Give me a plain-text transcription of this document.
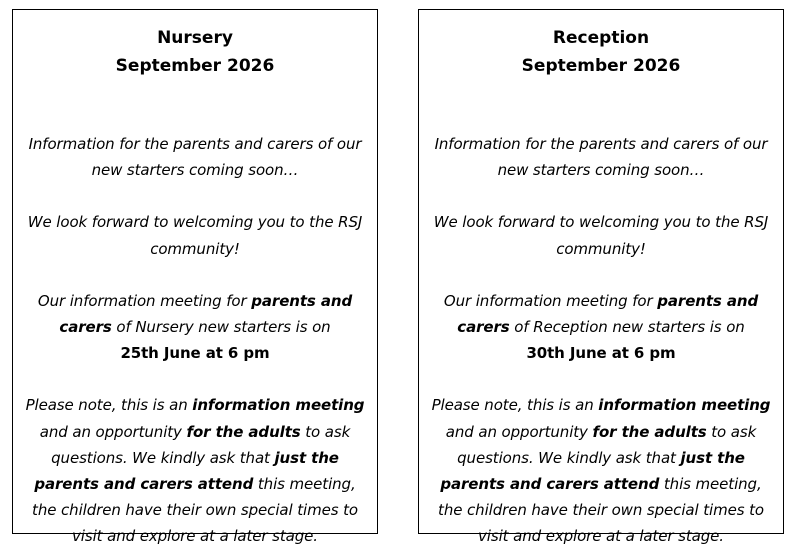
Nursery
September 2026

Information for the parents and carers of our new starters coming soon…

We look forward to welcoming you to the RSJ community!

Our information meeting for parents and carers of Nursery new starters is on
25th June at 6 pm

Please note, this is an information meeting and an opportunity for the adults to ask questions. We kindly ask that just the parents and carers attend this meeting, the children have their own special times to visit and explore at a later stage.

Reception
September 2026

Information for the parents and carers of our new starters coming soon…

We look forward to welcoming you to the RSJ community!

Our information meeting for parents and carers of Reception new starters is on
30th June at 6 pm

Please note, this is an information meeting and an opportunity for the adults to ask questions. We kindly ask that just the parents and carers attend this meeting, the children have their own special times to visit and explore at a later stage.
